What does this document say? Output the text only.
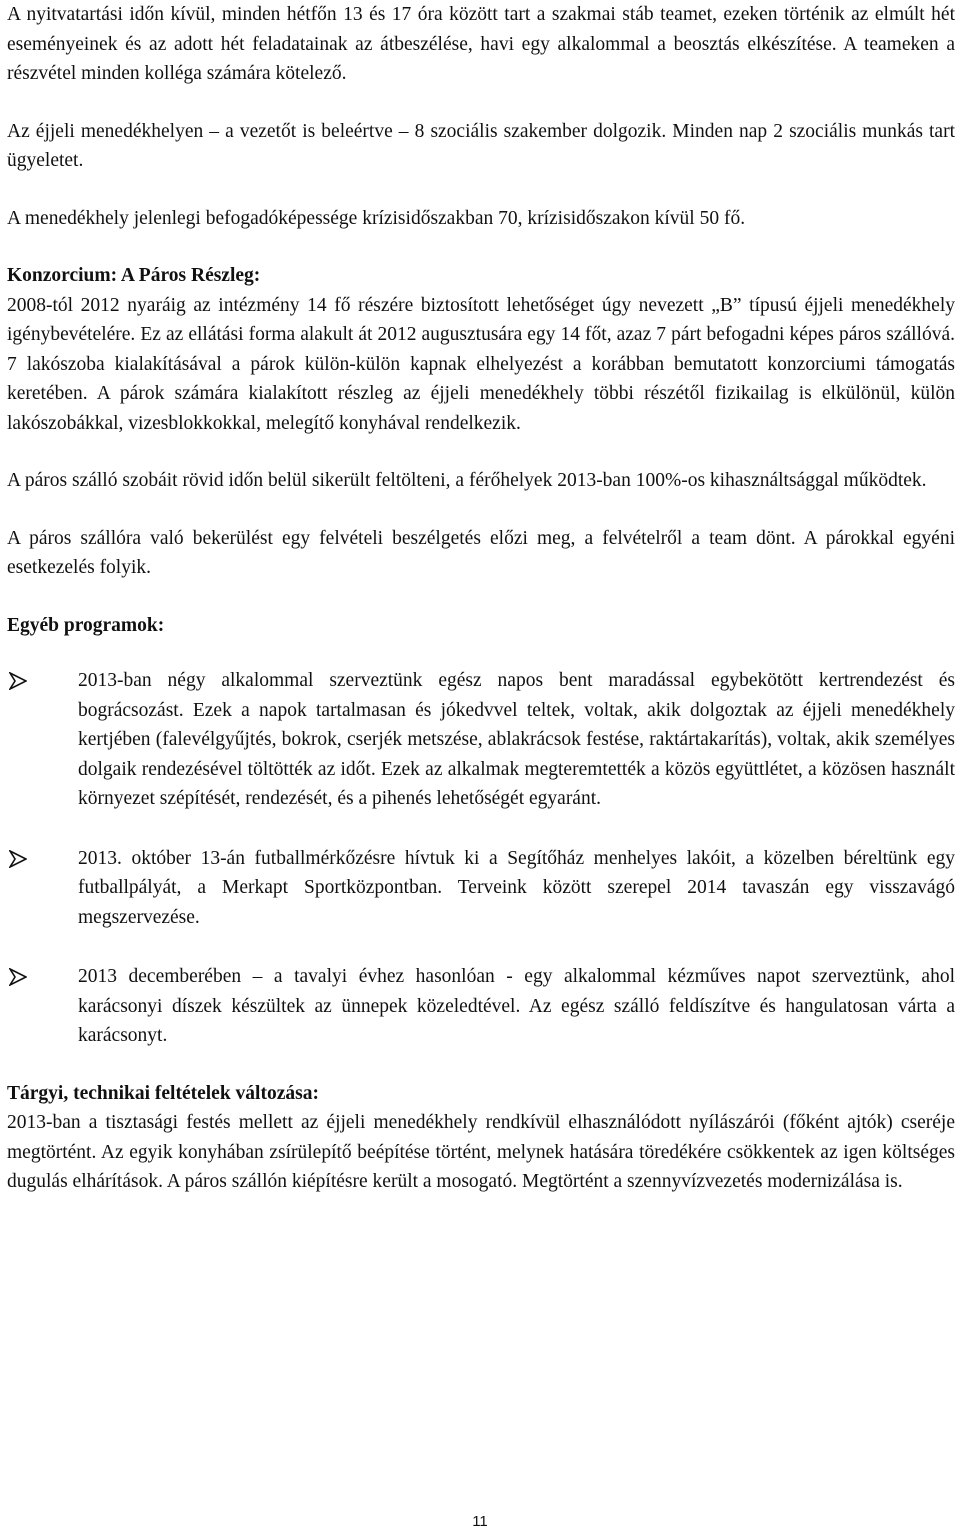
A nyitvatartási időn kívül, minden hétfőn 13 és 17 óra között tart a szakmai stáb teamet, ezeken történik az elmúlt hét eseményeinek és az adott hét feladatainak az átbeszélése, havi egy alkalommal a beosztás elkészítése. A teameken a részvétel minden kolléga számára kötelező.

Az éjjeli menedékhelyen – a vezetőt is beleértve – 8 szociális szakember dolgozik. Minden nap 2 szociális munkás tart ügyeletet.

A menedékhely jelenlegi befogadóképessége krízisidőszakban 70, krízisidőszakon kívül 50 fő.

Konzorcium: A Páros Részleg:

2008-tól 2012 nyaráig az intézmény 14 fő részére biztosított lehetőséget úgy nevezett „B” típusú éjjeli menedékhely igénybevételére. Ez az ellátási forma alakult át 2012 augusztusára egy 14 főt, azaz 7 párt befogadni képes páros szállóvá. 7 lakószoba kialakításával a párok külön-külön kapnak elhelyezést a korábban bemutatott konzorciumi támogatás keretében. A párok számára kialakított részleg az éjjeli menedékhely többi részétől fizikailag is elkülönül, külön lakószobákkal, vizesblokkokkal, melegítő konyhával rendelkezik.

A páros szálló szobáit rövid időn belül sikerült feltölteni, a férőhelyek 2013-ban 100%-os kihasználtsággal működtek.

A páros szállóra való bekerülést egy felvételi beszélgetés előzi meg, a felvételről a team dönt. A párokkal egyéni esetkezelés folyik.

Egyéb programok:

2013-ban négy alkalommal szerveztünk egész napos bent maradással egybekötött kertrendezést és bográcsozást. Ezek a napok tartalmasan és jókedvvel teltek, voltak, akik dolgoztak az éjjeli menedékhely kertjében (falevélgyűjtés, bokrok, cserjék metszése, ablakrácsok festése, raktártakarítás), voltak, akik személyes dolgaik rendezésével töltötték az időt. Ezek az alkalmak megteremtették a közös együttlétet, a közösen használt környezet szépítését, rendezését, és a pihenés lehetőségét egyaránt.
2013. október 13-án futballmérkőzésre hívtuk ki a Segítőház menhelyes lakóit, a közelben béreltünk egy futballpályát, a Merkapt Sportközpontban. Terveink között szerepel 2014 tavaszán egy visszavágó megszervezése.
2013 decemberében – a tavalyi évhez hasonlóan - egy alkalommal kézműves napot szerveztünk, ahol karácsonyi díszek készültek az ünnepek közeledtével. Az egész szálló feldíszítve és hangulatosan várta a karácsonyt.

Tárgyi, technikai feltételek változása:

2013-ban a tisztasági festés mellett az éjjeli menedékhely rendkívül elhasználódott nyílászárói (főként ajtók) cseréje megtörtént. Az egyik konyhában zsírülepítő beépítése történt, melynek hatására töredékére csökkentek az igen költséges dugulás elhárítások. A páros szállón kiépítésre került a mosogató. Megtörtént a szennyvízvezetés modernizálása is.

11
